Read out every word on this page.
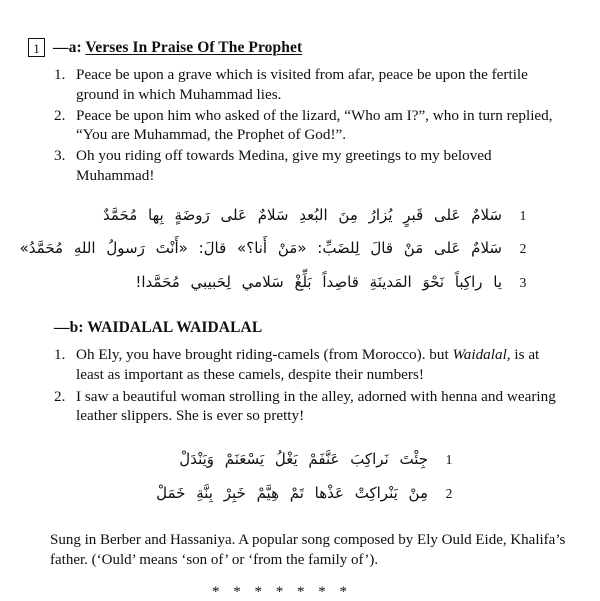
1 —a: Verses In Praise Of The Prophet
Peace be upon a grave which is visited from afar, peace be upon the fertile ground in which Muhammad lies.
Peace be upon him who asked of the lizard, “Who am I?”, who in turn replied, “You are Muhammad, the Prophet of God!”.
Oh you riding off towards Medina, give my greetings to my beloved Muhammad!
1
سَلامٌ عَلى قَبرٍ يُزارُ مِنَ البُعدِ سَلامٌ عَلى رَوضَةٍ بِها مُحَمَّدٌ
2
سَلامٌ عَلى مَنْ قالَ لِلضَبِّ: «مَنْ أَنا؟» قالَ: «أَنْتَ رَسولُ اللهِ مُحَمَّدُ»
3
يا راكِباً نَحْوَ المَدينَةِ قاصِداً بَلِّغْ سَلامي لِحَبيبي مُحَمَّدا!
—b: WAIDALAL WAIDALAL
Oh Ely, you have brought riding-camels (from Morocco). but Waidalal, is at least as important as these camels, despite their numbers!
I saw a beautiful woman strolling in the alley, adorned with henna and wearing leather slippers. She is ever so pretty!
1
جِئْتَ نَراكِبَ عَنَّفَمْ يَغْلُ يَسْعَنَمْ وَيَنْدَلْ
2
مِنْ يَنْراكِتْ عَذْها تَمْ هِيَّمْ خَبِرْ بِنَّةِ خَمَلْ
Sung in Berber and Hassaniya. A popular song composed by Ely Ould Eide, Khalifa’s father. (‘Ould’ means ‘son of’ or ‘from the family of’).
* * * * * * *
